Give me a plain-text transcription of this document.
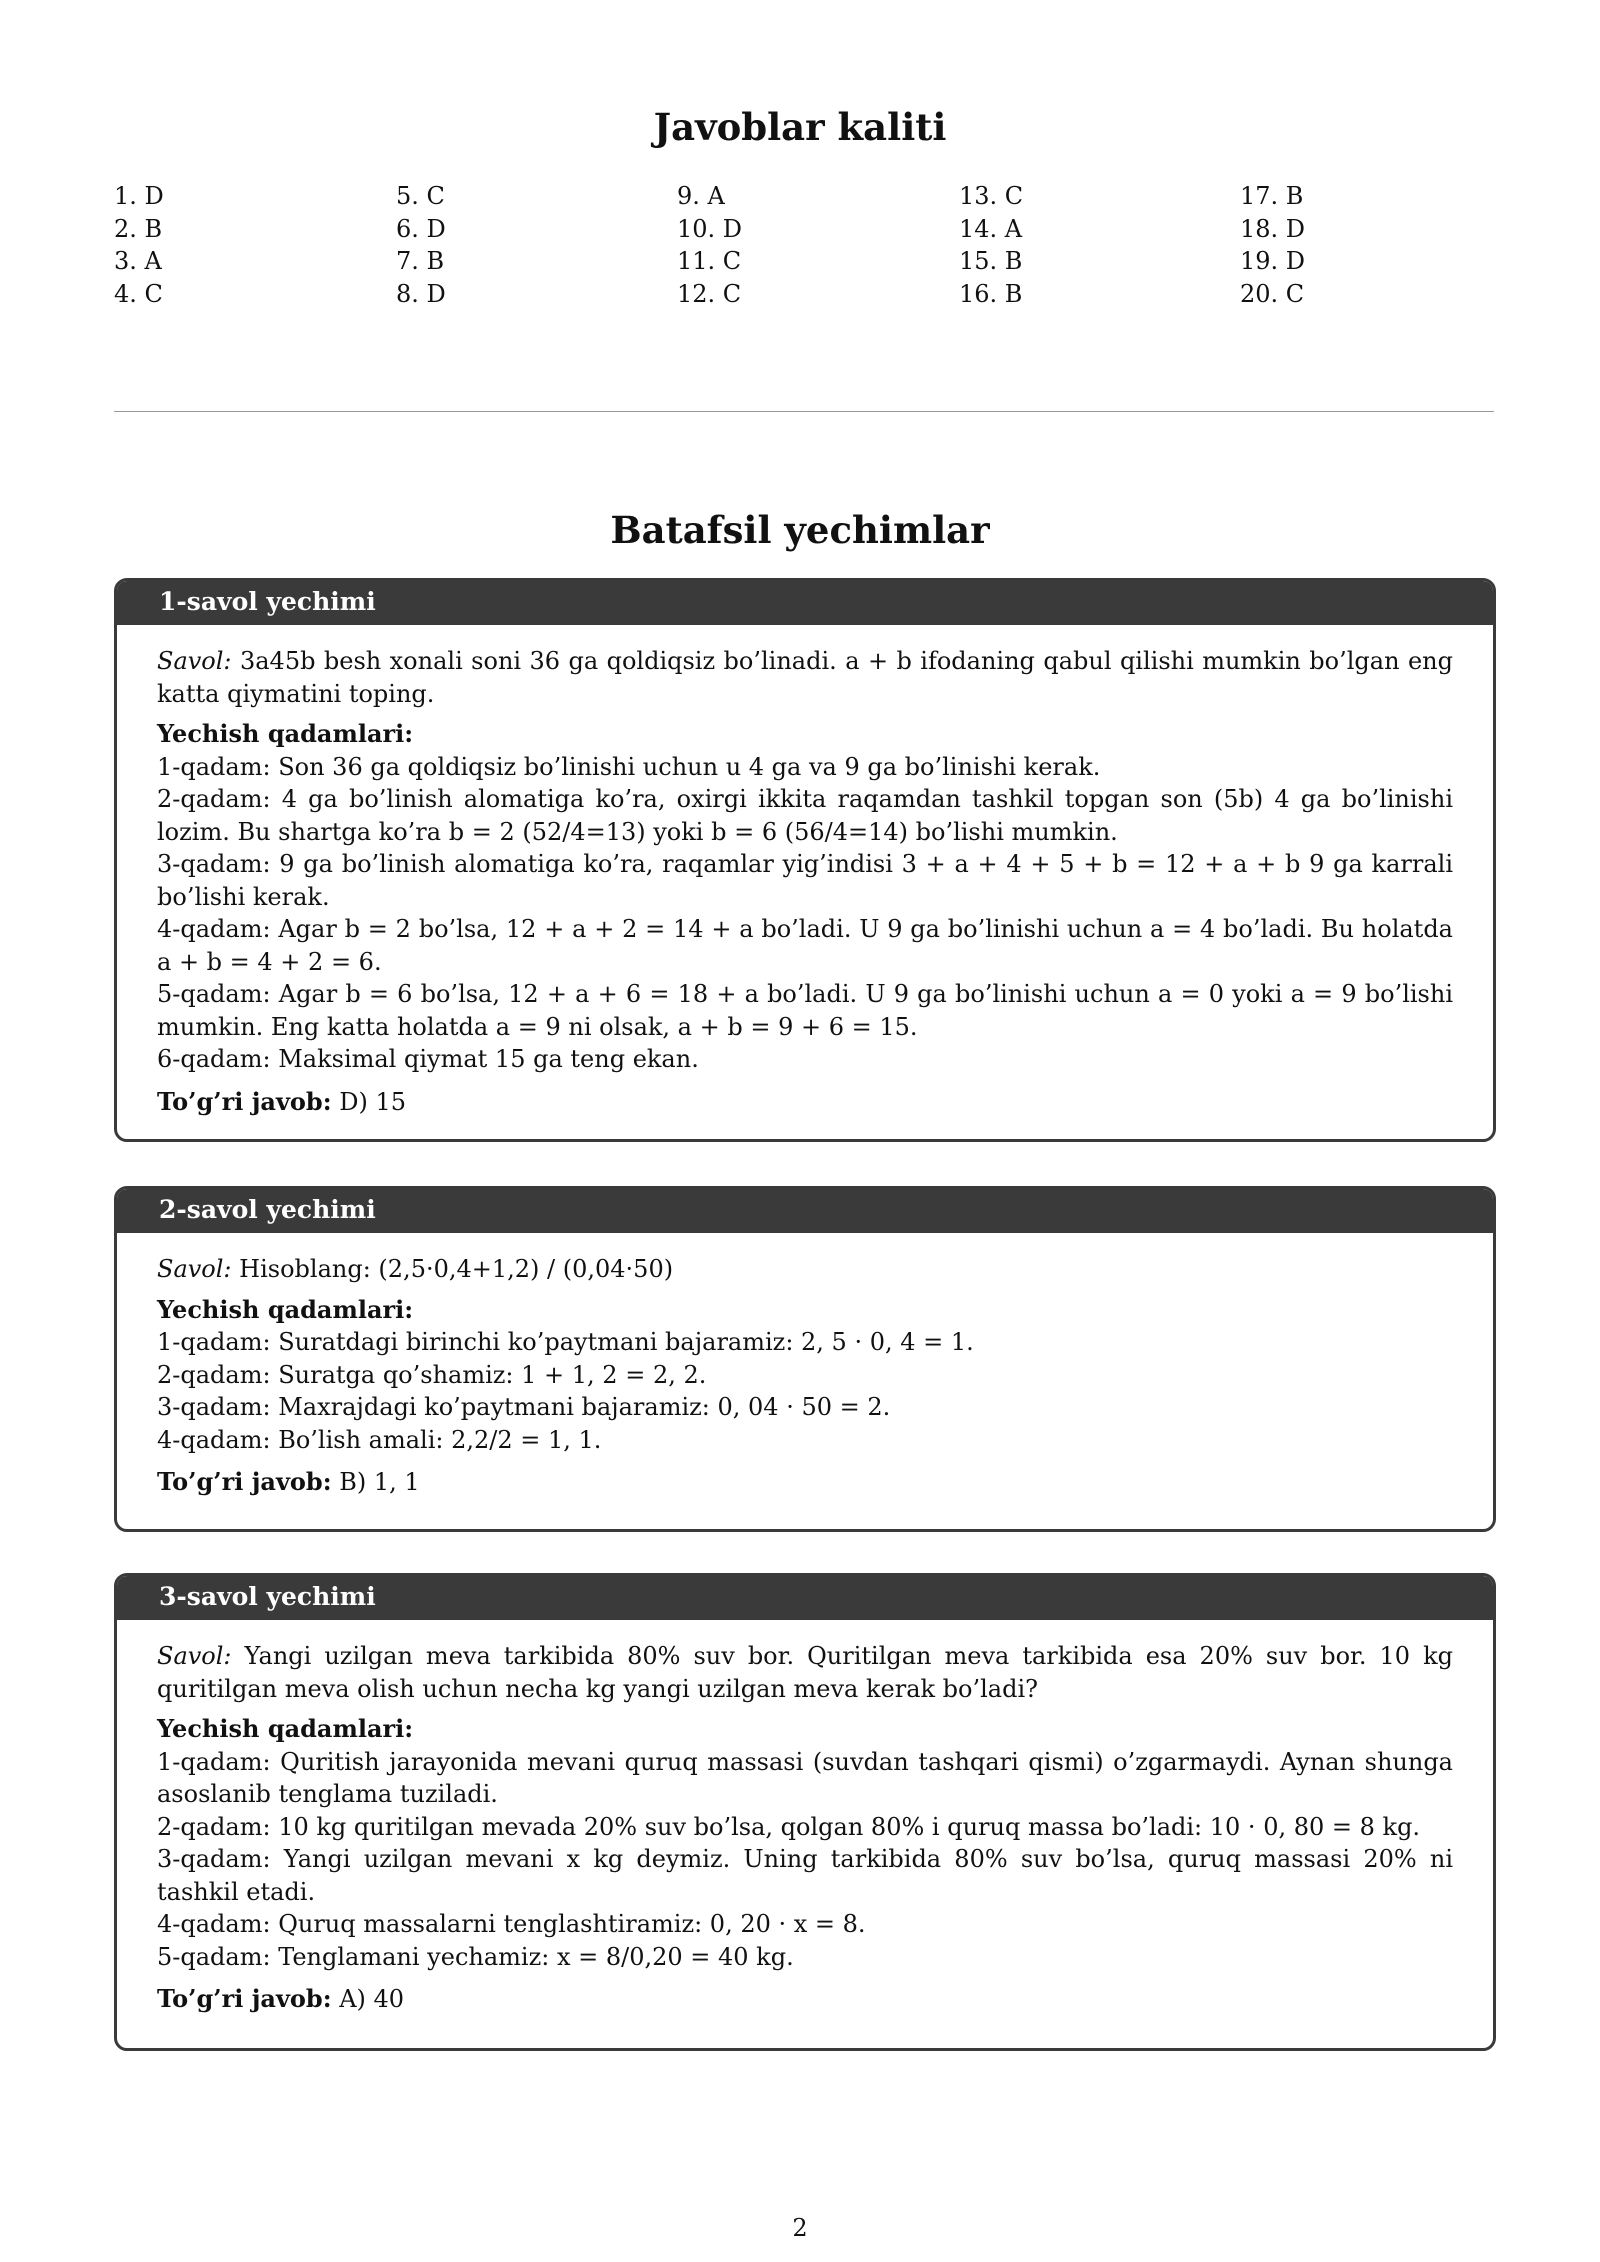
Javoblar kaliti
1. D
2. B
3. A
4. C
5. C
6. D
7. B
8. D
9. A
10. D
11. C
12. C
13. C
14. A
15. B
16. B
17. B
18. D
19. D
20. C
Batafsil yechimlar
1-savol yechimi

Savol: 3a45b besh xonali soni 36 ga qoldiqsiz bo’linadi. a + b ifodaning qabul qilishi mumkin bo’lgan eng katta qiymatini toping.

Yechish qadamlari:

1-qadam: Son 36 ga qoldiqsiz bo’linishi uchun u 4 ga va 9 ga bo’linishi kerak.

2-qadam: 4 ga bo’linish alomatiga ko’ra, oxirgi ikkita raqamdan tashkil topgan son (5b) 4 ga bo’linishi lozim. Bu shartga ko’ra b = 2 (52/4=13) yoki b = 6 (56/4=14) bo’lishi mumkin.

3-qadam: 9 ga bo’linish alomatiga ko’ra, raqamlar yig’indisi 3 + a + 4 + 5 + b = 12 + a + b 9 ga karrali bo’lishi kerak.

4-qadam: Agar b = 2 bo’lsa, 12 + a + 2 = 14 + a bo’ladi. U 9 ga bo’linishi uchun a = 4 bo’ladi. Bu holatda a + b = 4 + 2 = 6.

5-qadam: Agar b = 6 bo’lsa, 12 + a + 6 = 18 + a bo’ladi. U 9 ga bo’linishi uchun a = 0 yoki a = 9 bo’lishi mumkin. Eng katta holatda a = 9 ni olsak, a + b = 9 + 6 = 15.

6-qadam: Maksimal qiymat 15 ga teng ekan.

To’g’ri javob: D) 15

2-savol yechimi

Savol: Hisoblang: (2,5·0,4+1,2) / (0,04·50)

Yechish qadamlari:

1-qadam: Suratdagi birinchi ko’paytmani bajaramiz: 2, 5 · 0, 4 = 1.

2-qadam: Suratga qo’shamiz: 1 + 1, 2 = 2, 2.

3-qadam: Maxrajdagi ko’paytmani bajaramiz: 0, 04 · 50 = 2.

4-qadam: Bo’lish amali: 2,2/2 = 1, 1.

To’g’ri javob: B) 1, 1

3-savol yechimi

Savol: Yangi uzilgan meva tarkibida 80% suv bor. Quritilgan meva tarkibida esa 20% suv bor. 10 kg quritilgan meva olish uchun necha kg yangi uzilgan meva kerak bo’ladi?

Yechish qadamlari:

1-qadam: Quritish jarayonida mevani quruq massasi (suvdan tashqari qismi) o’zgarmaydi. Aynan shunga asoslanib tenglama tuziladi.

2-qadam: 10 kg quritilgan mevada 20% suv bo’lsa, qolgan 80% i quruq massa bo’ladi: 10 · 0, 80 = 8 kg.

3-qadam: Yangi uzilgan mevani x kg deymiz. Uning tarkibida 80% suv bo’lsa, quruq massasi 20% ni tashkil etadi.

4-qadam: Quruq massalarni tenglashtiramiz: 0, 20 · x = 8.

5-qadam: Tenglamani yechamiz: x = 8/0,20 = 40 kg.

To’g’ri javob: A) 40

2
